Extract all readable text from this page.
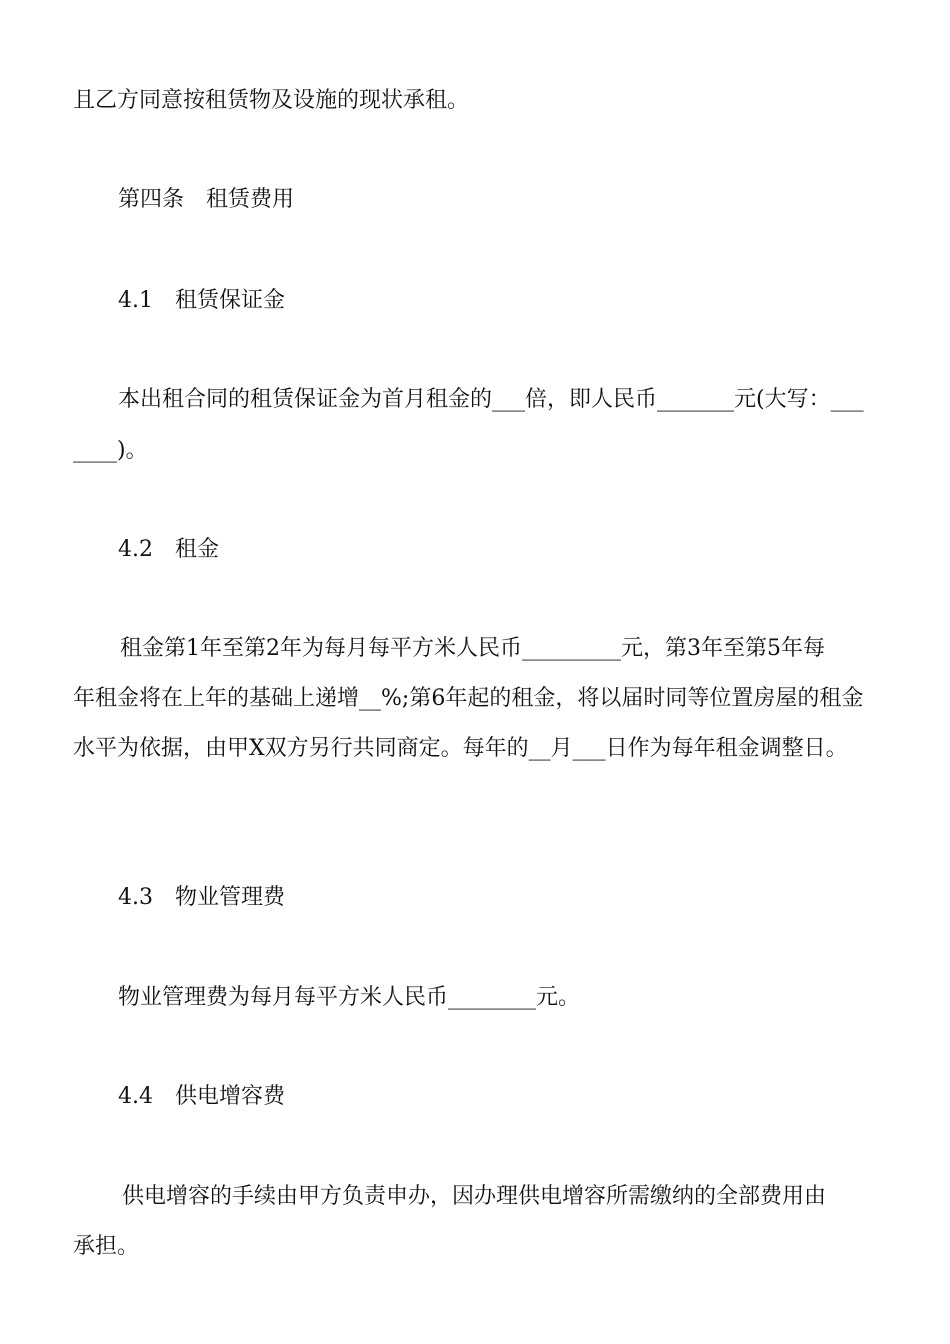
且乙方同意按租赁物及设施的现状承租。
第四条　租赁费用
4.1　租赁保证金
本出租合同的租赁保证金为首月租金的___倍，即人民币_______元(大写：___
____)。
4.2　租金
租金第1年至第2年为每月每平方米人民币_________元，第3年至第5年每
年租金将在上年的基础上递增__%;第6年起的租金，将以届时同等位置房屋的租金
水平为依据，由甲X双方另行共同商定。每年的__月___日作为每年租金调整日。
4.3　物业管理费
物业管理费为每月每平方米人民币________元。
4.4　供电增容费
供电增容的手续由甲方负责申办，因办理供电增容所需缴纳的全部费用由
承担。
